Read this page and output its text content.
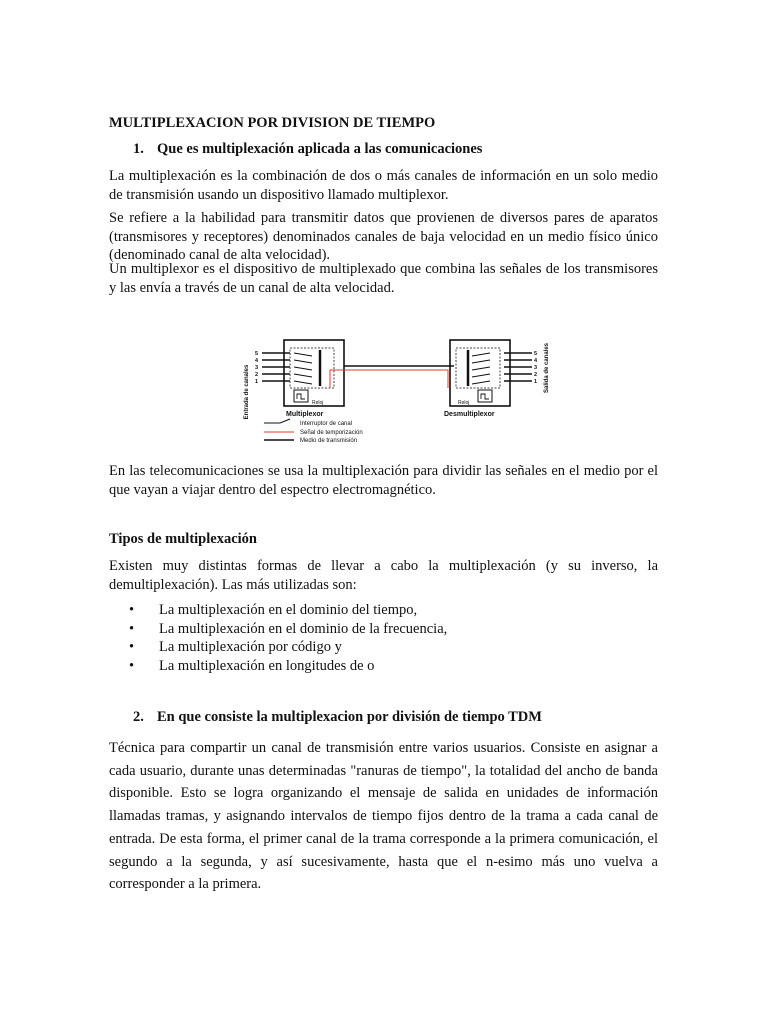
MULTIPLEXACION POR DIVISION DE TIEMPO
1. Que es multiplexación aplicada a las comunicaciones

La multiplexación es la combinación de dos o más canales de información en un solo medio de transmisión usando un dispositivo llamado multiplexor.

Se refiere a la habilidad para transmitir datos que provienen de diversos pares de aparatos (transmisores y receptores) denominados canales de baja velocidad en un medio físico único (denominado canal de alta velocidad).

Un multiplexor es el dispositivo de multiplexado que combina las señales de los transmisores y las envía a través de un canal de alta velocidad.

Entrada de canales
5
4
3
2
1
Reloj
Multiplexor
Reloj
Desmultiplexor
5
4
3
2
1 Salida de canales
Interruptor de canal
Señal de temporización
Medio de transmisión

En las telecomunicaciones se usa la multiplexación para dividir las señales en el medio por el que vayan a viajar dentro del espectro electromagnético.

Tipos de multiplexación

Existen muy distintas formas de llevar a cabo la multiplexación (y su inverso, la demultiplexación). Las más utilizadas son:

• La multiplexación en el dominio del tiempo,
• La multiplexación en el dominio de la frecuencia,
• La multiplexación por código y
• La multiplexación en longitudes de o
2. En que consiste la multiplexacion por división de tiempo TDM

Técnica para compartir un canal de transmisión entre varios usuarios. Consiste en asignar a cada usuario, durante unas determinadas "ranuras de tiempo", la totalidad del ancho de banda disponible. Esto se logra organizando el mensaje de salida en unidades de información llamadas tramas, y asignando intervalos de tiempo fijos dentro de la trama a cada canal de entrada. De esta forma, el primer canal de la trama corresponde a la primera comunicación, el segundo a la segunda, y así sucesivamente, hasta que el n-esimo más uno vuelva a corresponder a la primera.
